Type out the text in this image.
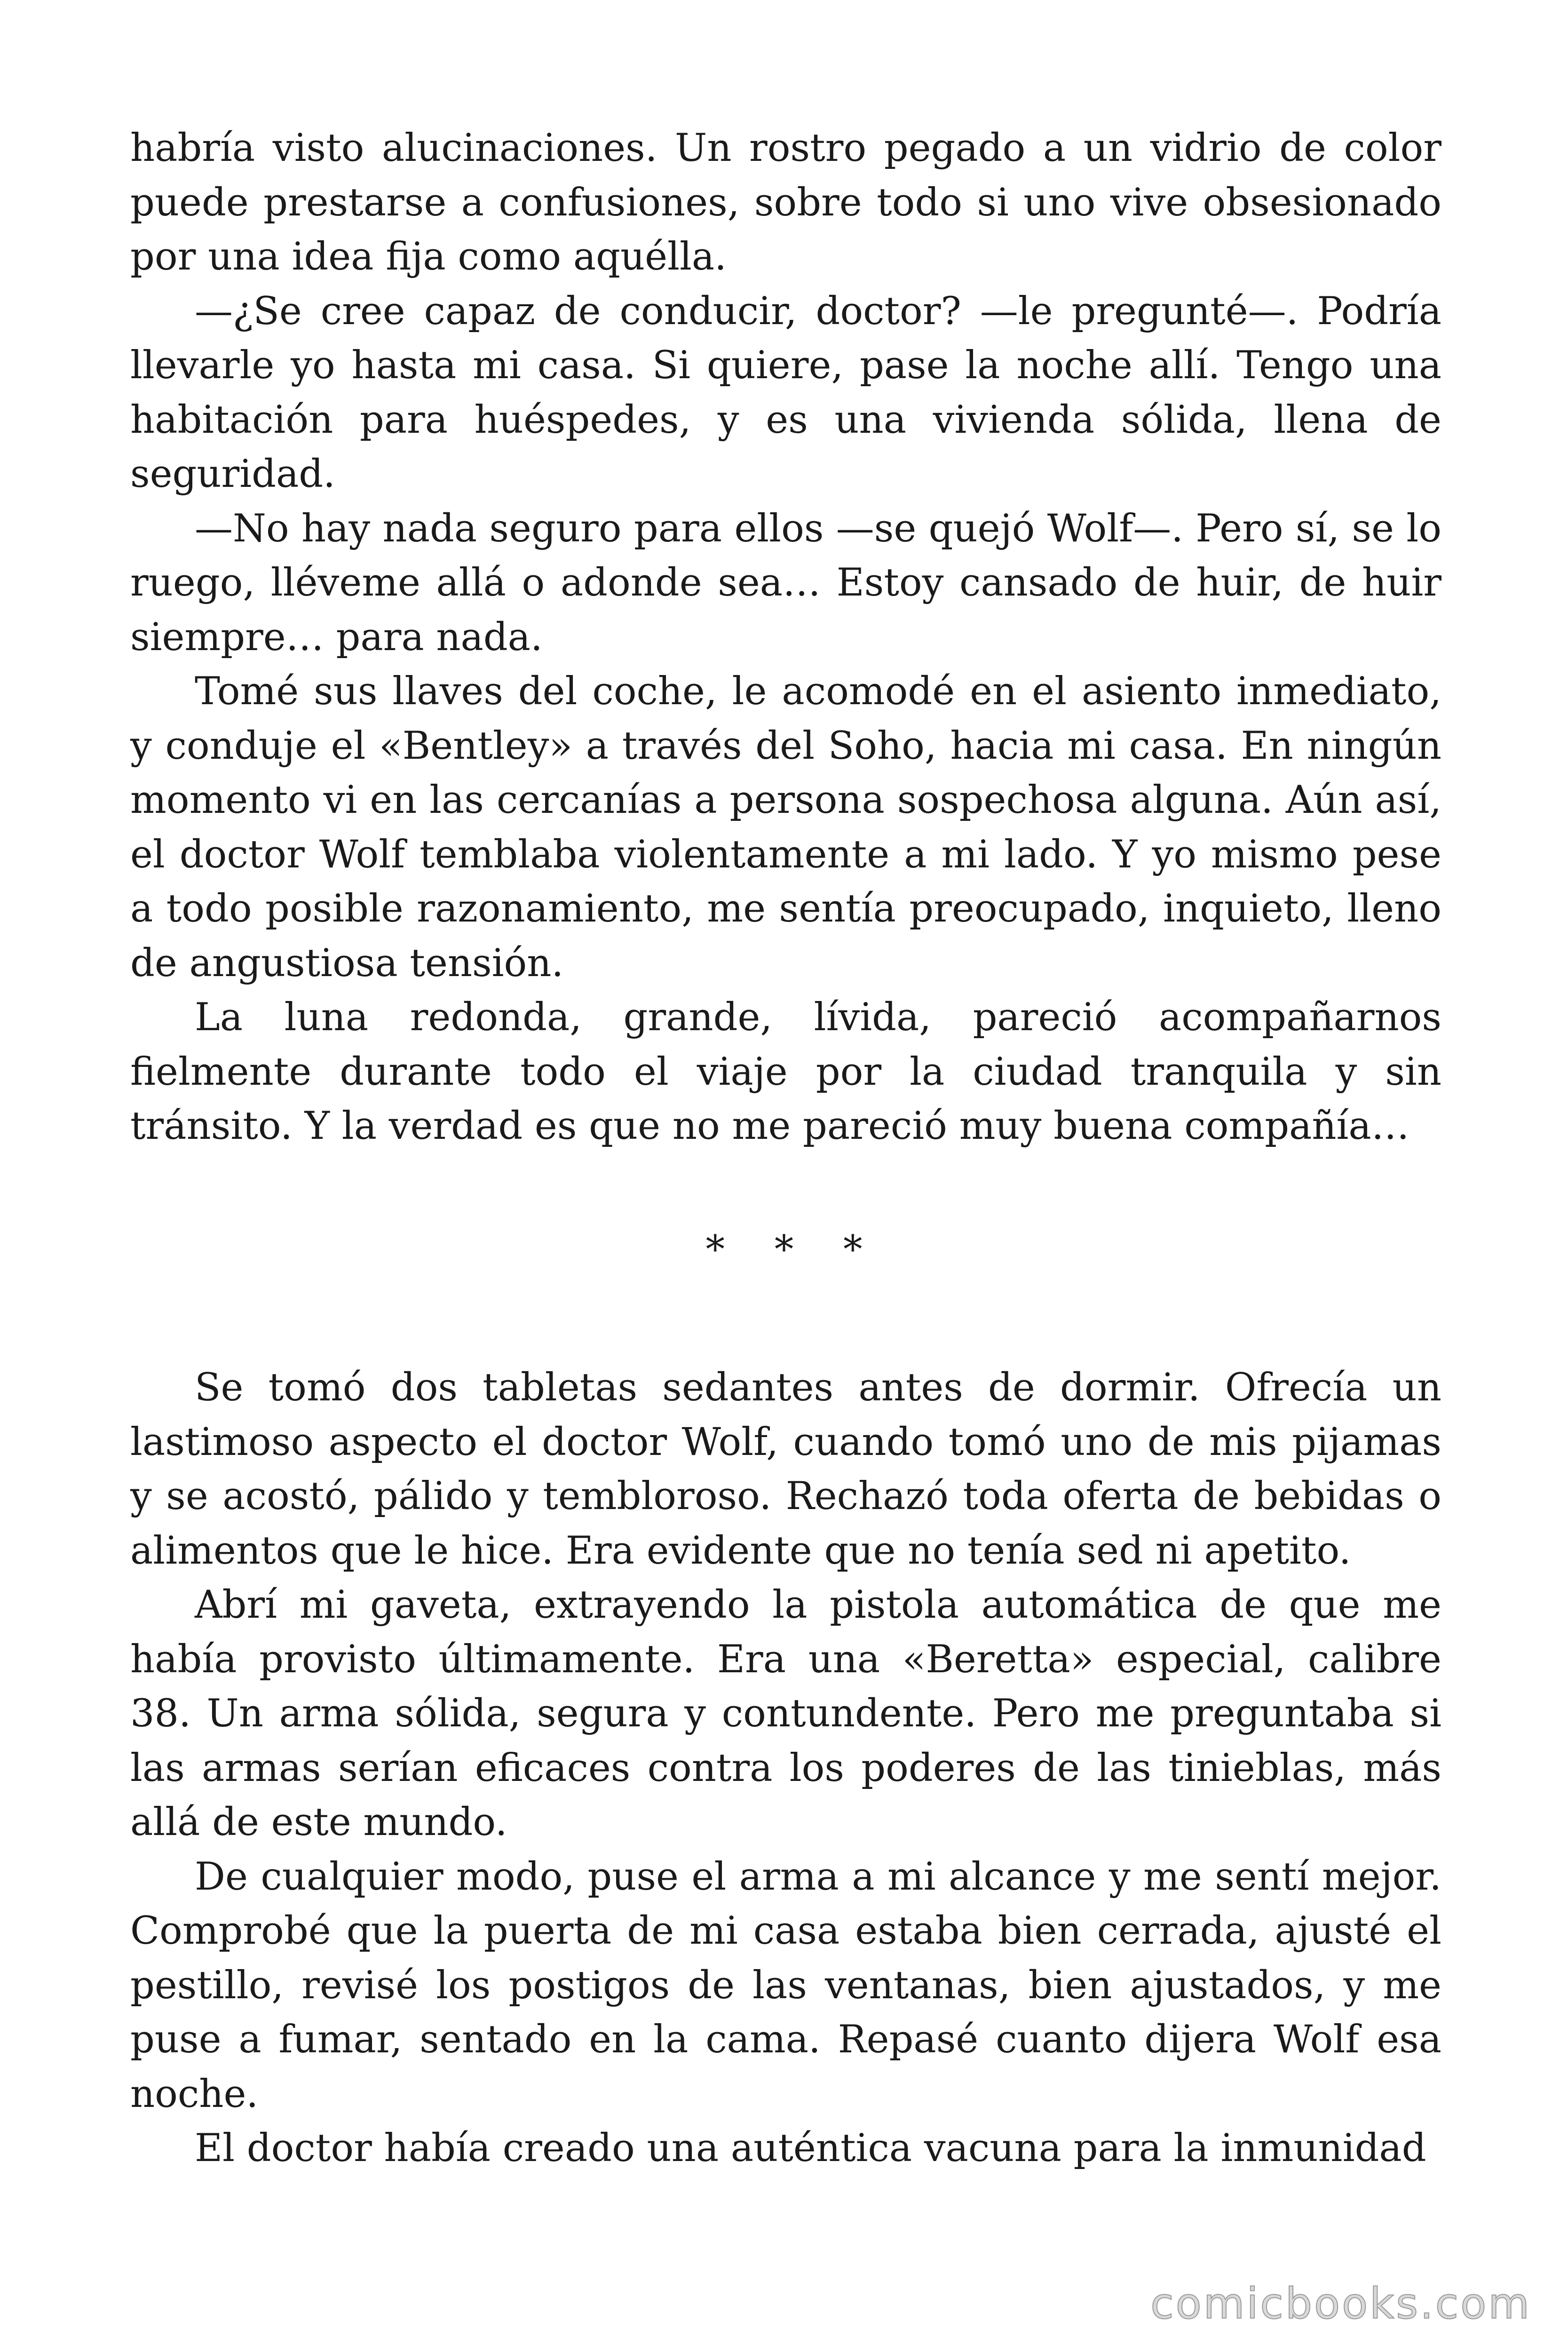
habría visto alucinaciones. Un rostro pegado a un vidrio de color puede prestarse a confusiones, sobre todo si uno vive obsesionado por una idea fija como aquélla.

—¿Se cree capaz de conducir, doctor? —le pregunté—. Podría llevarle yo hasta mi casa. Si quiere, pase la noche allí. Tengo una habitación para huéspedes, y es una vivienda sólida, llena de seguridad.

—No hay nada seguro para ellos —se quejó Wolf—. Pero sí, se lo ruego, lléveme allá o adonde sea… Estoy cansado de huir, de huir siempre… para nada.

Tomé sus llaves del coche, le acomodé en el asiento inmediato, y conduje el «Bentley» a través del Soho, hacia mi casa. En ningún momento vi en las cercanías a persona sospechosa alguna. Aún así, el doctor Wolf temblaba violentamente a mi lado. Y yo mismo pese a todo posible razonamiento, me sentía preocupado, inquieto, lleno de angustiosa tensión.

La luna redonda, grande, lívida, pareció acompañarnos fielmente durante todo el viaje por la ciudad tranquila y sin tránsito. Y la verdad es que no me pareció muy buena compañía…

* * *

Se tomó dos tabletas sedantes antes de dormir. Ofrecía un lastimoso aspecto el doctor Wolf, cuando tomó uno de mis pijamas y se acostó, pálido y tembloroso. Rechazó toda oferta de bebidas o alimentos que le hice. Era evidente que no tenía sed ni apetito.

Abrí mi gaveta, extrayendo la pistola automática de que me había provisto últimamente. Era una «Beretta» especial, calibre 38. Un arma sólida, segura y contundente. Pero me preguntaba si las armas serían eficaces contra los poderes de las tinieblas, más allá de este mundo.

De cualquier modo, puse el arma a mi alcance y me sentí mejor. Comprobé que la puerta de mi casa estaba bien cerrada, ajusté el pestillo, revisé los postigos de las ventanas, bien ajustados, y me puse a fumar, sentado en la cama. Repasé cuanto dijera Wolf esa noche.

El doctor había creado una auténtica vacuna para la inmunidad

comicbooks.com
